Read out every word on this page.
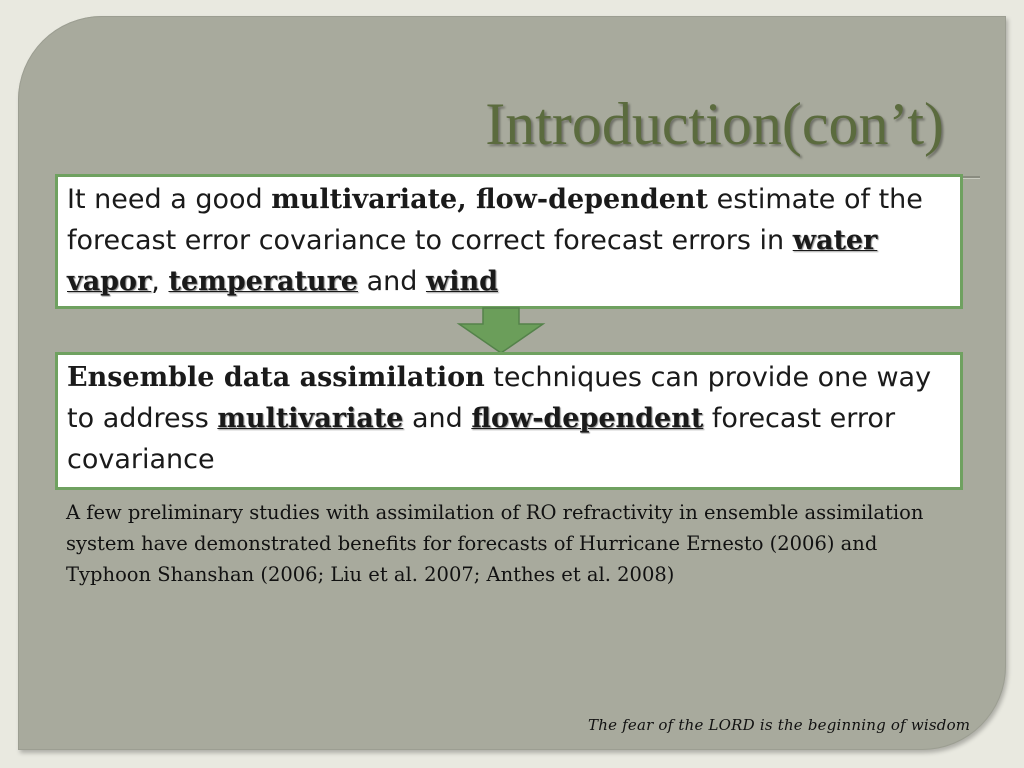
Introduction(con’t)
It need a good multivariate, flow-dependent estimate of the forecast error covariance to correct forecast errors in water vapor, temperature and wind
Ensemble data assimilation techniques can provide one way to address multivariate and flow-dependent forecast error covariance
A few preliminary studies with assimilation of RO refractivity in ensemble assimilation system have demonstrated benefits for forecasts of Hurricane Ernesto (2006) and Typhoon Shanshan (2006; Liu et al. 2007; Anthes et al. 2008)
The fear of the LORD is the beginning of wisdom
